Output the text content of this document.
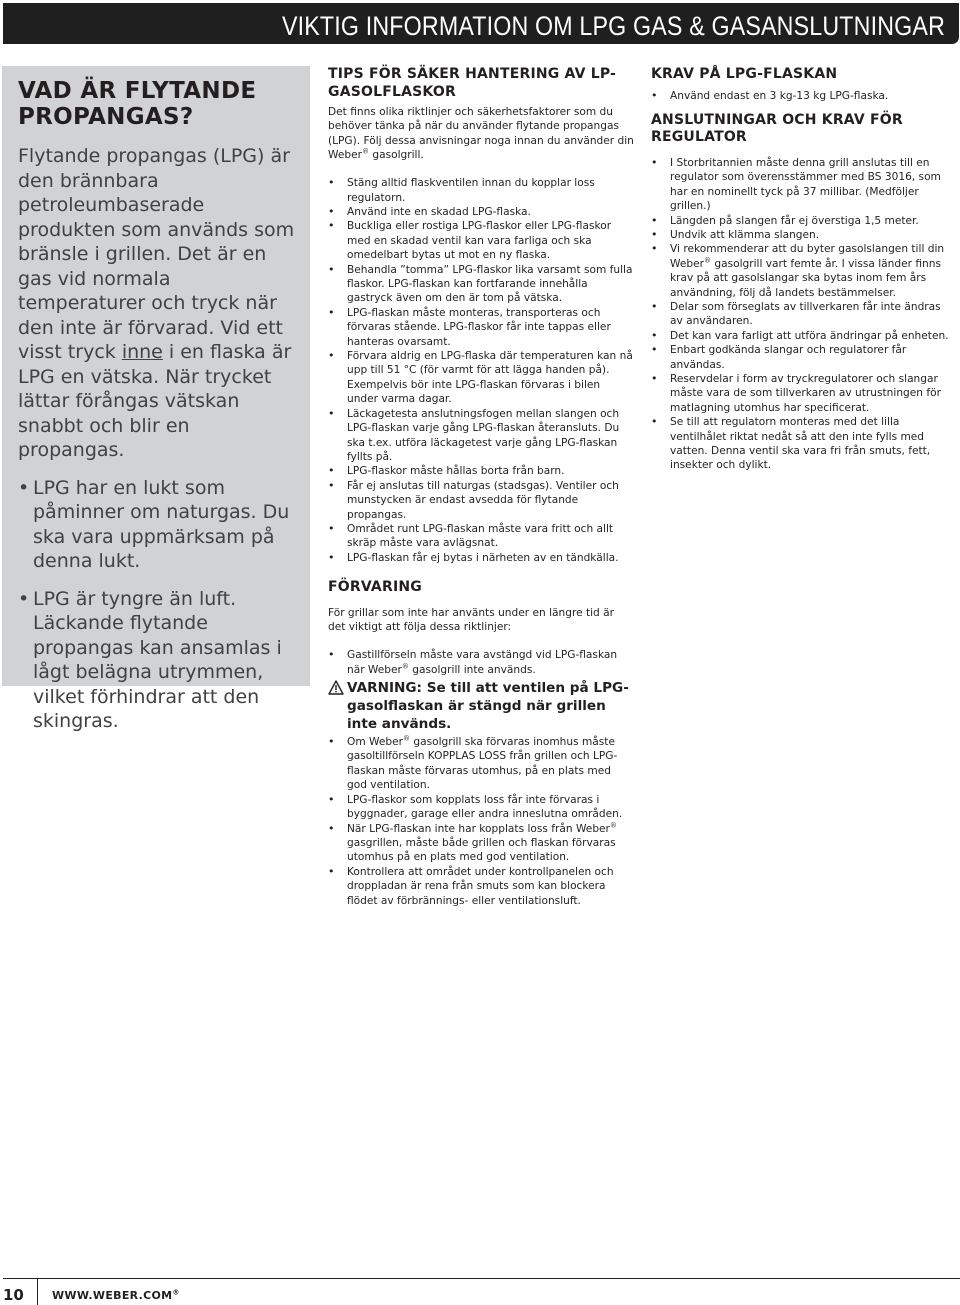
VIKTIG INFORMATION OM LPG GAS & GASANSLUTNINGAR
VAD ÄR FLYTANDE PROPANGAS?

Flytande propangas (LPG) är den brännbara petroleumbaserade produkten som används som bränsle i grillen. Det är en gas vid normala temperaturer och tryck när den inte är förvarad. Vid ett visst tryck inne i en flaska är LPG en vätska. När trycket lättar förångas vätskan snabbt och blir en propangas.

• LPG har en lukt som påminner om naturgas. Du ska vara uppmärksam på denna lukt.
• LPG är tyngre än luft. Läckande flytande propangas kan ansamlas i lågt belägna utrymmen, vilket förhindrar att den skingras.
TIPS FÖR SÄKER HANTERING AV LP-GASOLFLASKOR

Det finns olika riktlinjer och säkerhetsfaktorer som du behöver tänka på när du använder flytande propangas (LPG). Följ dessa anvisningar noga innan du använder din Weber® gasolgrill.

• Stäng alltid flaskventilen innan du kopplar loss regulatorn.
• Använd inte en skadad LPG-flaska.
• Buckliga eller rostiga LPG-flaskor eller LPG-flaskor med en skadad ventil kan vara farliga och ska omedelbart bytas ut mot en ny flaska.
• Behandla ”tomma” LPG-flaskor lika varsamt som fulla flaskor. LPG-flaskan kan fortfarande innehålla gastryck även om den är tom på vätska.
• LPG-flaskan måste monteras, transporteras och förvaras stående. LPG-flaskor får inte tappas eller hanteras ovarsamt.
• Förvara aldrig en LPG-flaska där temperaturen kan nå upp till 51 °C (för varmt för att lägga handen på). Exempelvis bör inte LPG-flaskan förvaras i bilen under varma dagar.
• Läckagetesta anslutningsfogen mellan slangen och LPG-flaskan varje gång LPG-flaskan återansluts. Du ska t.ex. utföra läckagetest varje gång LPG-flaskan fyllts på.
• LPG-flaskor måste hållas borta från barn.
• Får ej anslutas till naturgas (stadsgas). Ventiler och munstycken är endast avsedda för flytande propangas.
• Området runt LPG-flaskan måste vara fritt och allt skräp måste vara avlägsnat.
• LPG-flaskan får ej bytas i närheten av en tändkälla.
FÖRVARING

För grillar som inte har använts under en längre tid är det viktigt att följa dessa riktlinjer:

• Gastillförseln måste vara avstängd vid LPG-flaskan när Weber® gasolgrill inte används.
VARNING: Se till att ventilen på LPG-gasolflaskan är stängd när grillen inte används.
• Om Weber® gasolgrill ska förvaras inomhus måste gasoltillförseln KOPPLAS LOSS från grillen och LPG-flaskan måste förvaras utomhus, på en plats med god ventilation.
• LPG-flaskor som kopplats loss får inte förvaras i byggnader, garage eller andra inneslutna områden.
• När LPG-flaskan inte har kopplats loss från Weber® gasgrillen, måste både grillen och flaskan förvaras utomhus på en plats med god ventilation.
• Kontrollera att området under kontrollpanelen och droppladan är rena från smuts som kan blockera flödet av förbrännings- eller ventilationsluft.
KRAV PÅ LPG-FLASKAN
• Använd endast en 3 kg-13 kg LPG-flaska.
ANSLUTNINGAR OCH KRAV FÖR REGULATOR
• I Storbritannien måste denna grill anslutas till en regulator som överensstämmer med BS 3016, som har en nominellt tyck på 37 millibar. (Medföljer grillen.)
• Längden på slangen får ej överstiga 1,5 meter.
• Undvik att klämma slangen.
• Vi rekommenderar att du byter gasolslangen till din Weber® gasolgrill vart femte år. I vissa länder finns krav på att gasolslangar ska bytas inom fem års användning, följ då landets bestämmelser.
• Delar som förseglats av tillverkaren får inte ändras av användaren.
• Det kan vara farligt att utföra ändringar på enheten.
• Enbart godkända slangar och regulatorer får användas.
• Reservdelar i form av tryckregulatorer och slangar måste vara de som tillverkaren av utrustningen för matlagning utomhus har specificerat.
• Se till att regulatorn monteras med det lilla ventilhålet riktat nedåt så att den inte fylls med vatten. Denna ventil ska vara fri från smuts, fett, insekter och dylikt.
10	WWW.WEBER.COM®
